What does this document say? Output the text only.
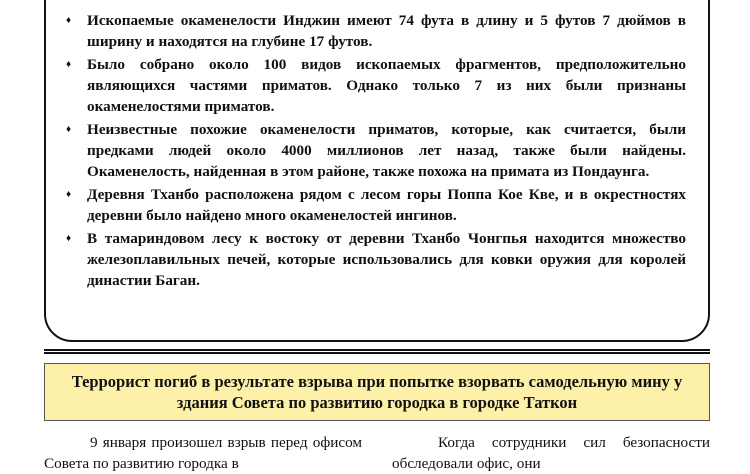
♦ Ископаемые окаменелости Инджин имеют 74 фута в длину и 5 футов 7 дюймов в ширину и находятся на глубине 17 футов.
♦ Было собрано около 100 видов ископаемых фрагментов, предположительно являющихся частями приматов. Однако только 7 из них были признаны окаменелостями приматов.
♦ Неизвестные похожие окаменелости приматов, которые, как считается, были предками людей около 4000 миллионов лет назад, также были найдены. Окаменелость, найденная в этом районе, также похожа на примата из Пондаунга.
♦ Деревня Тханбо расположена рядом с лесом горы Поппа Кое Кве, и в окрестностях деревни было найдено много окаменелостей ингинов.
♦ В тамариндовом лесу к востоку от деревни Тханбо Чонгпья находится множество железоплавильных печей, которые использовались для ковки оружия для королей династии Баган.
Террорист погиб в результате взрыва при попытке взорвать самодельную мину у здания Совета по развитию городка в городке Таткон

9 января произошел взрыв перед офисом Совета по развитию городка в

Когда сотрудники сил безопасности обследовали офис, они
